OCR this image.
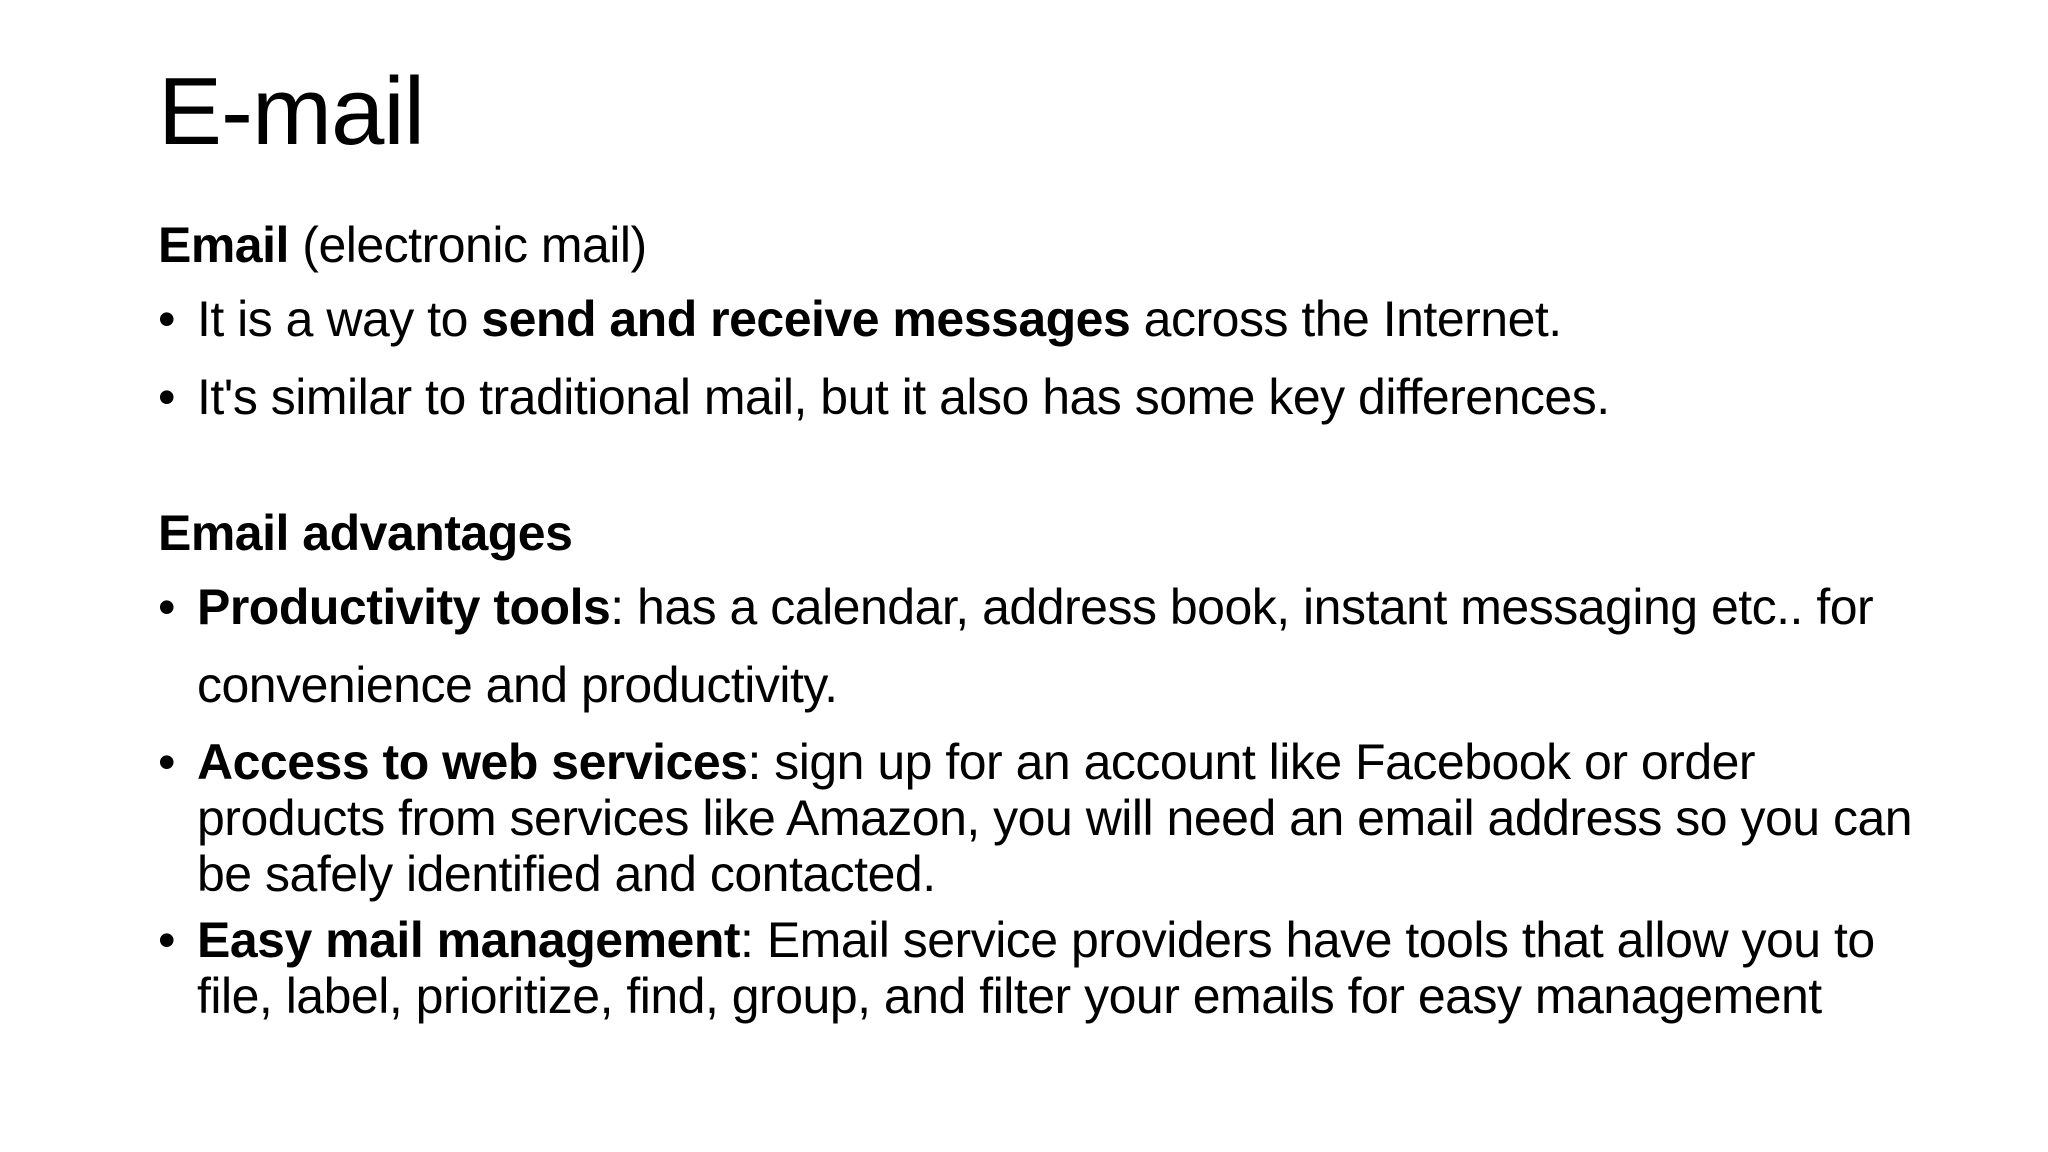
E-mail

Email (electronic mail)

• It is a way to send and receive messages across the Internet.
• It's similar to traditional mail, but it also has some key differences.

Email advantages

• Productivity tools: has a calendar, address book, instant messaging etc.. for convenience and productivity.
• Access to web services: sign up for an account like Facebook or order products from services like Amazon, you will need an email address so you can be safely identified and contacted.
• Easy mail management: Email service providers have tools that allow you to file, label, prioritize, find, group, and filter your emails for easy management
